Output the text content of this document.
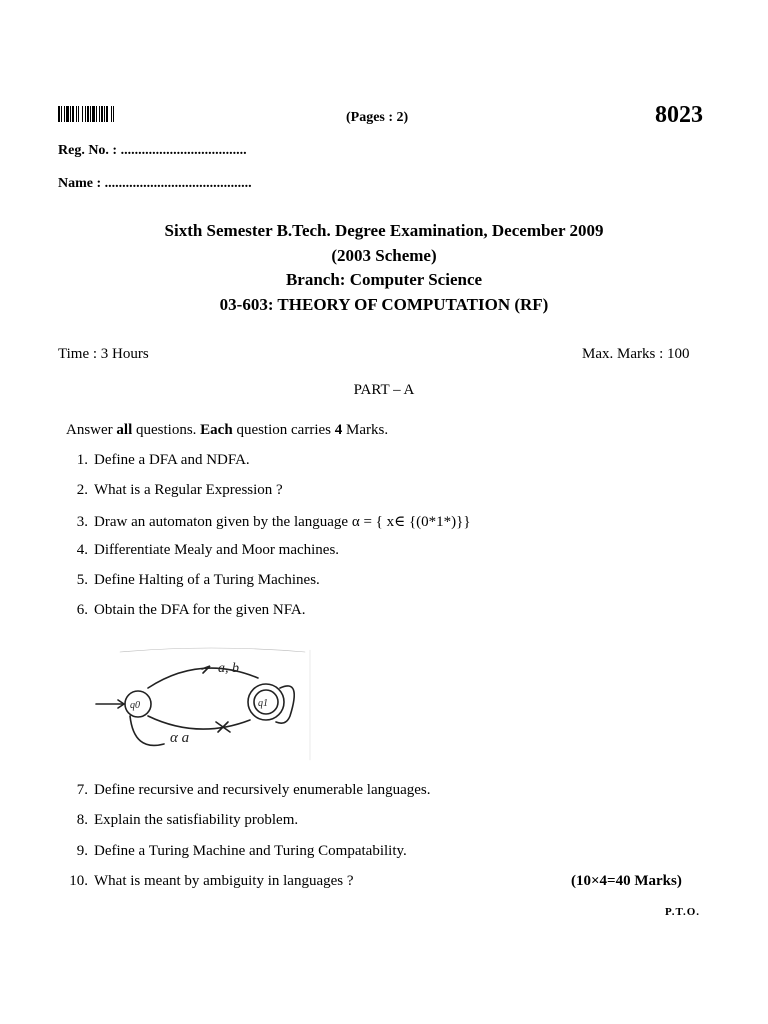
(Pages : 2)	8023
Reg. No. : ....................................
Name : ..........................................
Sixth Semester B.Tech. Degree Examination, December 2009
(2003 Scheme)
Branch: Computer Science
03-603: THEORY OF COMPUTATION (RF)
Time : 3 Hours	Max. Marks : 100
PART – A
Answer all questions. Each question carries 4 Marks.
1. Define a DFA and NDFA.
2. What is a Regular Expression ?
3. Draw an automaton given by the language α = { x∈ {(0*1*)}}
4. Differentiate Mealy and Moor machines.
5. Define Halting of a Turing Machines.
6. Obtain the DFA for the given NFA.
q0
a, b
q1
α a
7. Define recursive and recursively enumerable languages.
8. Explain the satisfiability problem.
9. Define a Turing Machine and Turing Compatability.
10. What is meant by ambiguity in languages ?	(10×4=40 Marks)
P.T.O.
